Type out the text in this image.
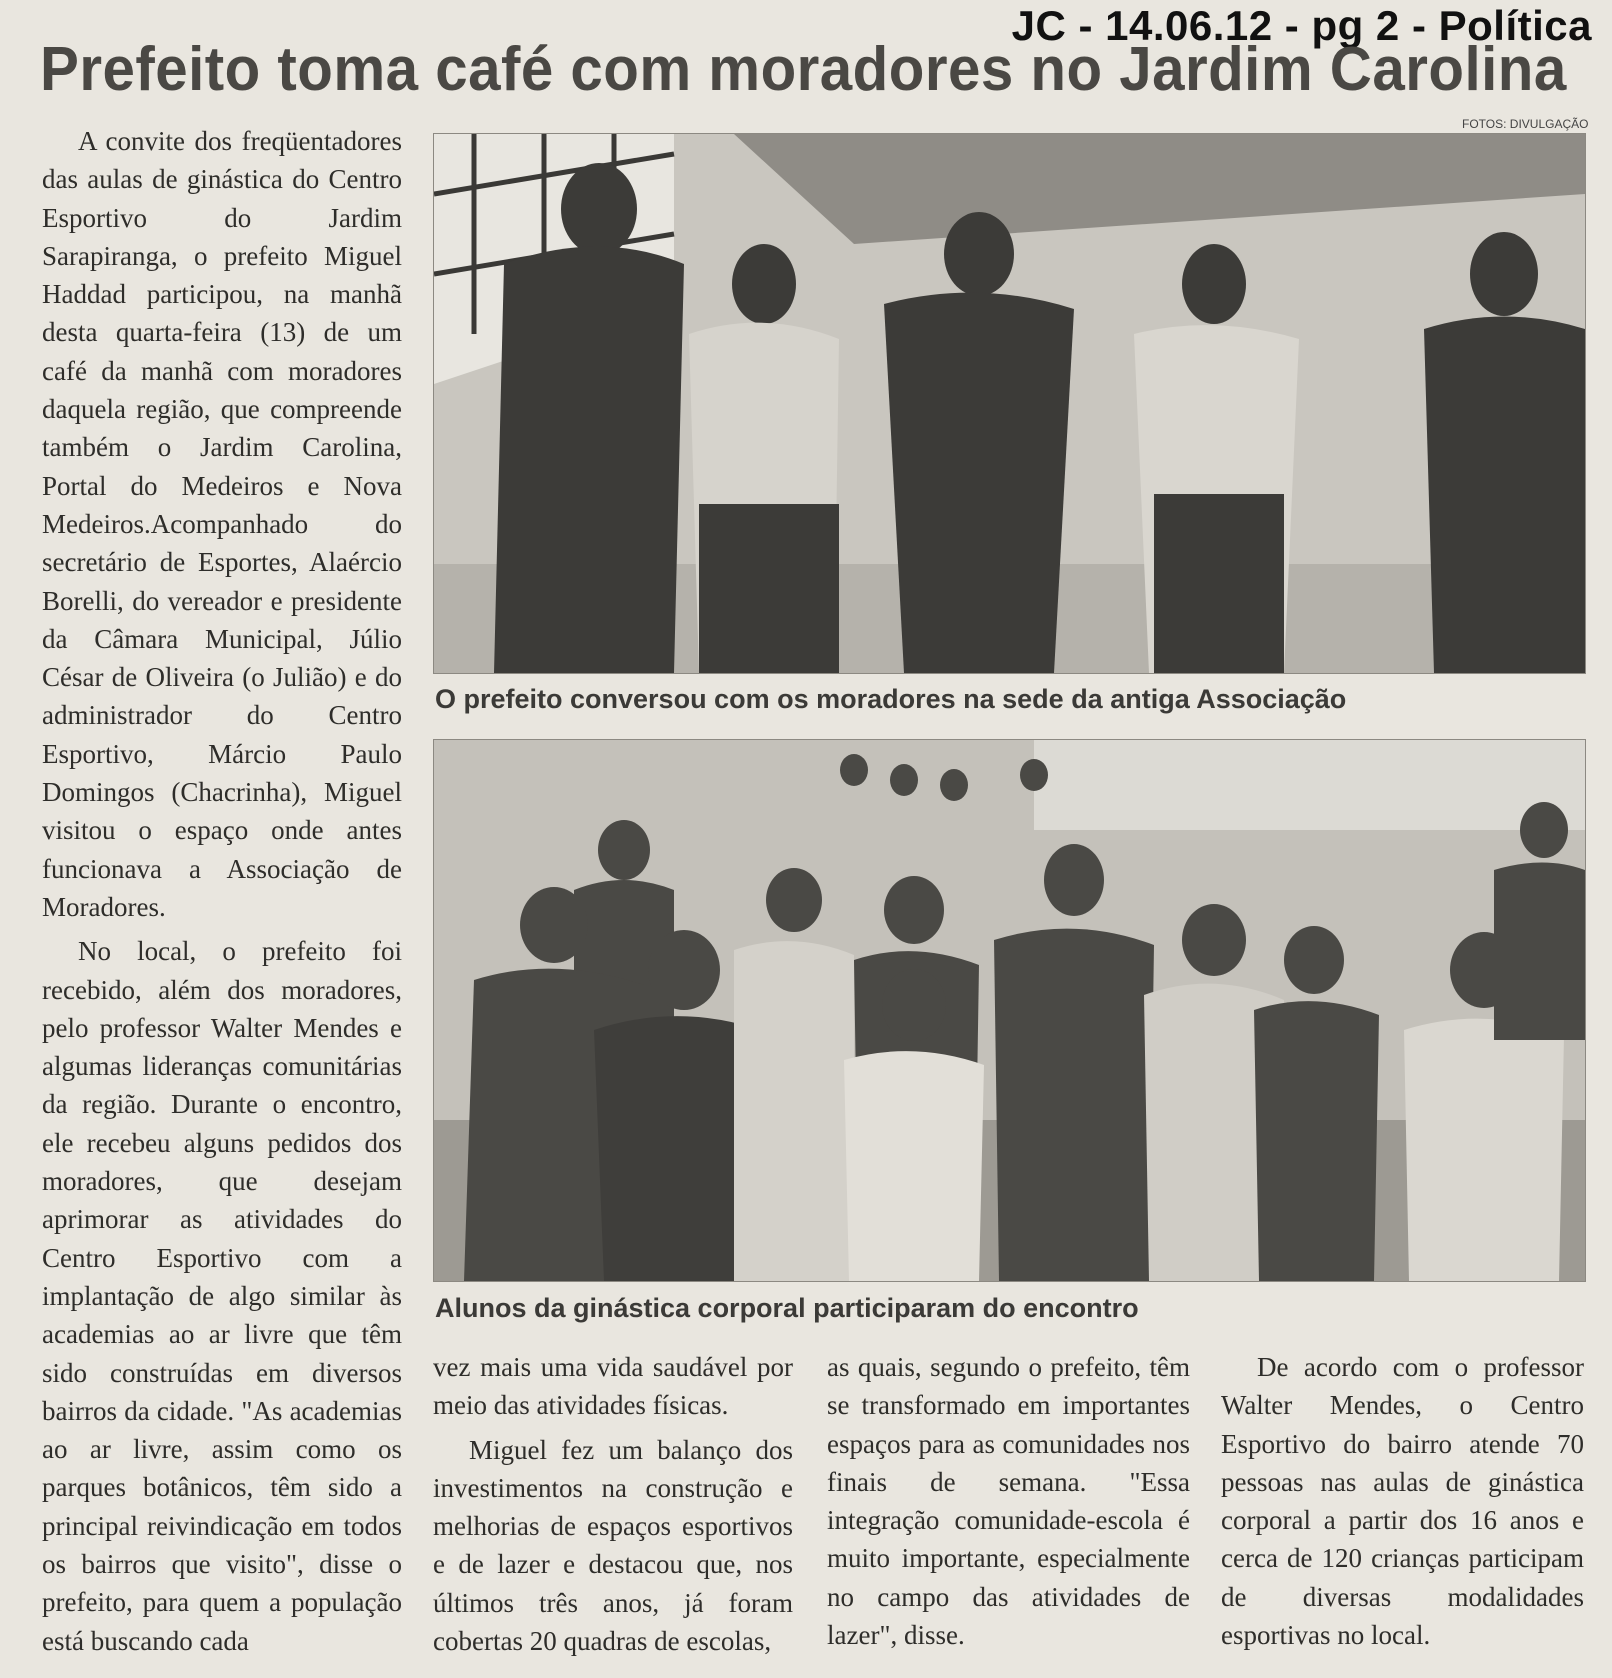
JC - 14.06.12 - pg 2 - Política
Prefeito toma café com moradores no Jardim Carolina
FOTOS: DIVULGAÇÃO

A convite dos freqüentadores das aulas de ginástica do Centro Esportivo do Jardim Sarapiranga, o prefeito Miguel Haddad participou, na manhã desta quarta-feira (13) de um café da manhã com moradores daquela região, que compreende também o Jardim Carolina, Portal do Medeiros e Nova Medeiros.Acompanhado do secretário de Esportes, Alaércio Borelli, do vereador e presidente da Câmara Municipal, Júlio César de Oliveira (o Julião) e do administrador do Centro Esportivo, Márcio Paulo Domingos (Chacrinha), Miguel visitou o espaço onde antes funcionava a Associação de Moradores.

No local, o prefeito foi recebido, além dos moradores, pelo professor Walter Mendes e algumas lideranças comunitárias da região. Durante o encontro, ele recebeu alguns pedidos dos moradores, que desejam aprimorar as atividades do Centro Esportivo com a implantação de algo similar às academias ao ar livre que têm sido construídas em diversos bairros da cidade. "As academias ao ar livre, assim como os parques botânicos, têm sido a principal reivindicação em todos os bairros que visito", disse o prefeito, para quem a população está buscando cada

O prefeito conversou com os moradores na sede da antiga Associação
Alunos da ginástica corporal participaram do encontro

vez mais uma vida saudável por meio das atividades físicas.

Miguel fez um balanço dos investimentos na construção e melhorias de espaços esportivos e de lazer e destacou que, nos últimos três anos, já foram cobertas 20 quadras de escolas,

as quais, segundo o prefeito, têm se transformado em importantes espaços para as comunidades nos finais de semana. "Essa integração comunidade-escola é muito importante, especialmente no campo das atividades de lazer", disse.

De acordo com o professor Walter Mendes, o Centro Esportivo do bairro atende 70 pessoas nas aulas de ginástica corporal a partir dos 16 anos e cerca de 120 crianças participam de diversas modalidades esportivas no local.
